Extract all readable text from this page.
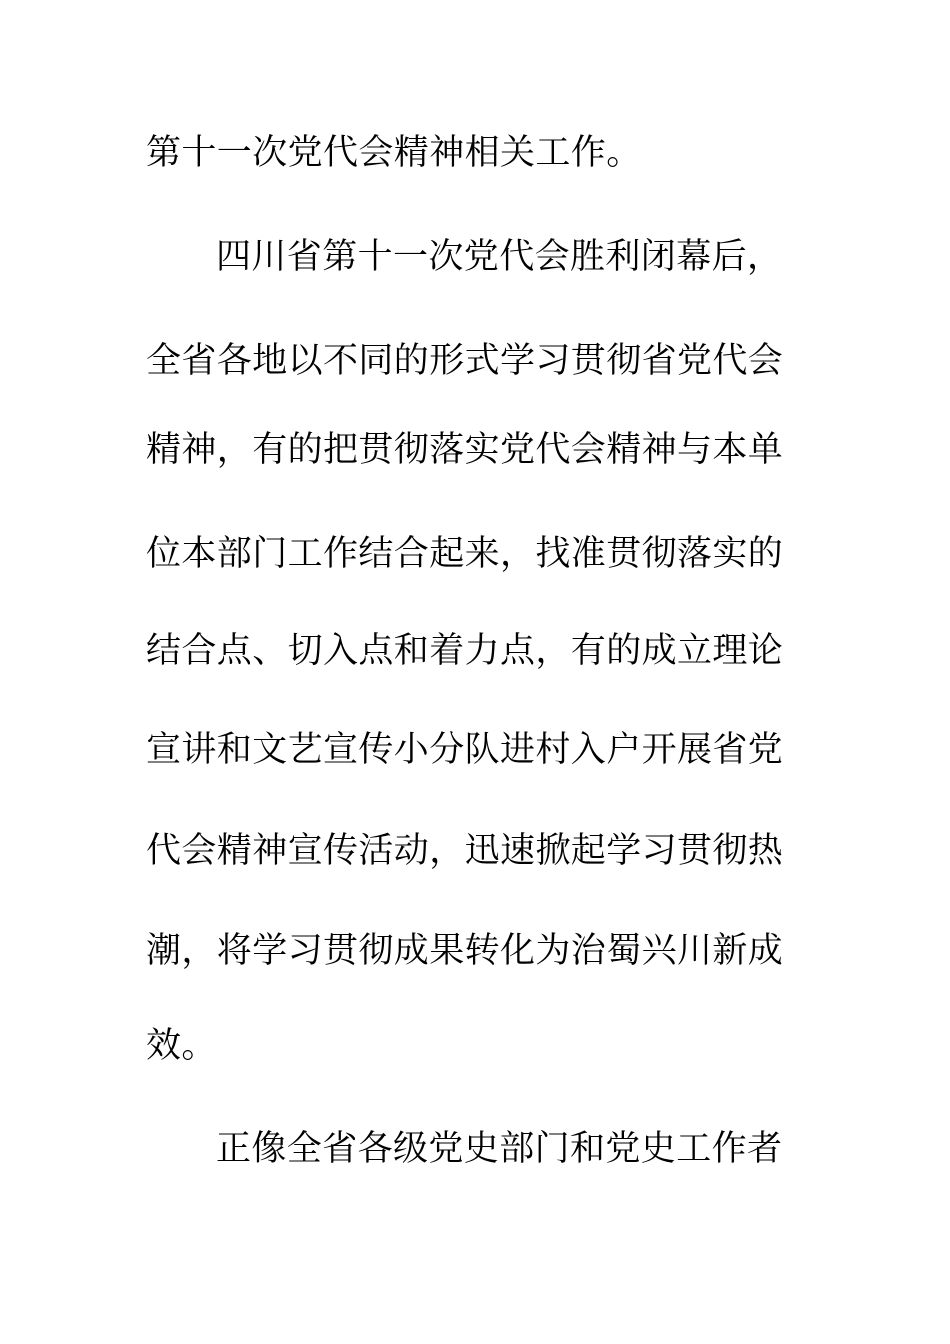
第十一次党代会精神相关工作。
四川省第十一次党代会胜利闭幕后，
全省各地以不同的形式学习贯彻省党代会
精神，有的把贯彻落实党代会精神与本单
位本部门工作结合起来，找准贯彻落实的
结合点、切入点和着力点，有的成立理论
宣讲和文艺宣传小分队进村入户开展省党
代会精神宣传活动，迅速掀起学习贯彻热
潮，将学习贯彻成果转化为治蜀兴川新成
效。
正像全省各级党史部门和党史工作者
